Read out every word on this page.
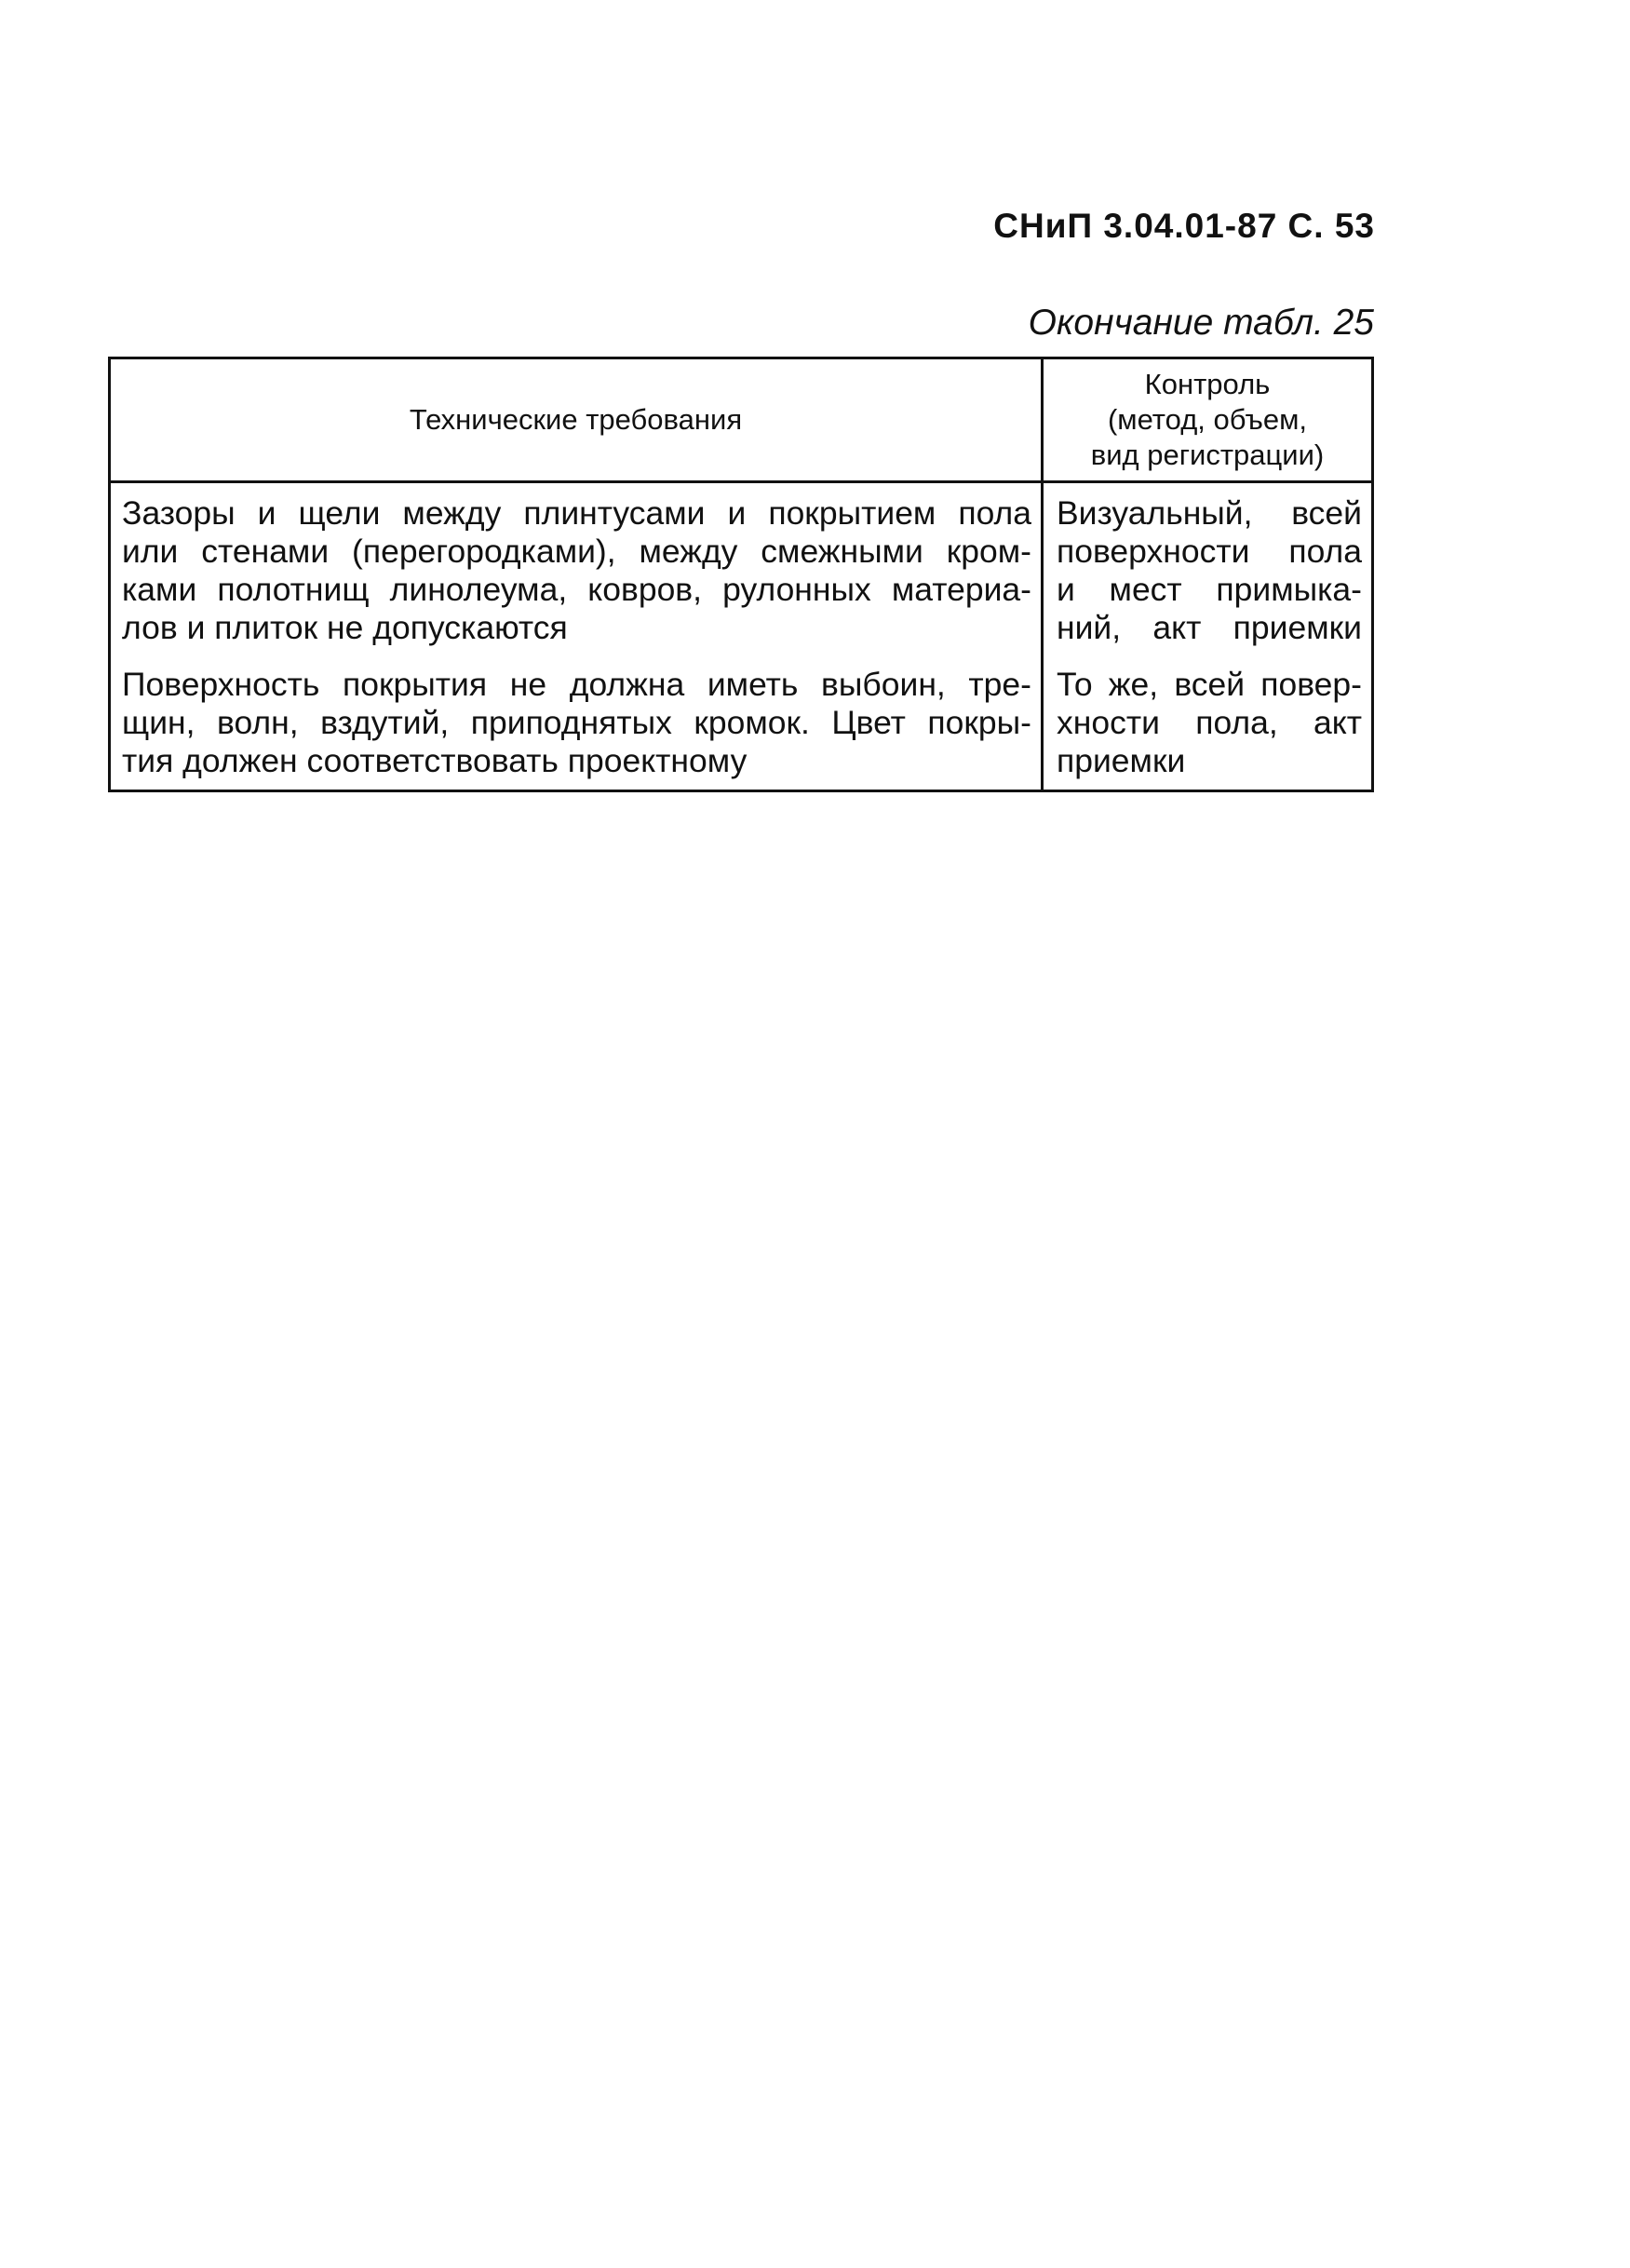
СНиП 3.04.01-87 С. 53
Окончание табл. 25
Технические требования	Контроль
(метод, объем,
вид регистрации)

Зазоры и щели между плинтусами и покрытием пола
или стенами (перегородками), между смежными кром-
ками полотнищ линолеума, ковров, рулонных материа-
лов и плиток не допускаются	Визуальный, всей
поверхности пола
и мест примыка-
ний, акт приемки

Поверхность покрытия не должна иметь выбоин, тре-
щин, волн, вздутий, приподнятых кромок. Цвет покры-
тия должен соответствовать проектному	То же, всей повер-
хности пола, акт
приемки
